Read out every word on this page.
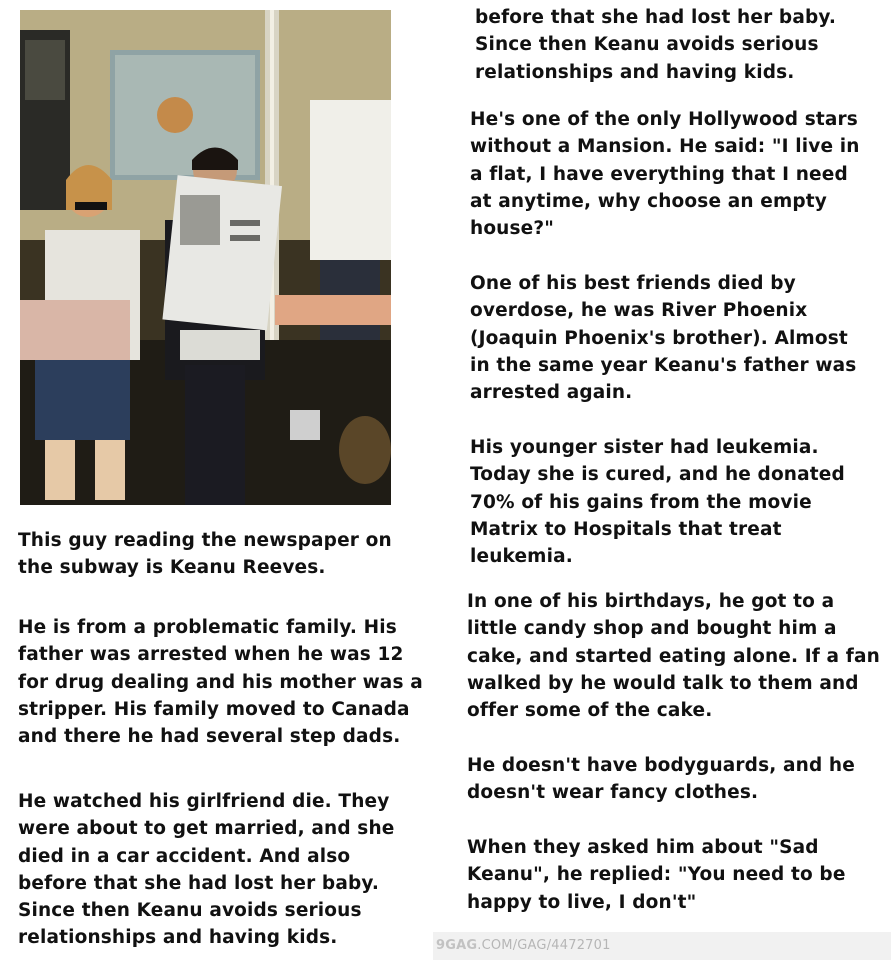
This guy reading the newspaper on
the subway is Keanu Reeves.
He is from a problematic family. His
father was arrested when he was 12
for drug dealing and his mother was a
stripper. His family moved to Canada
and there he had several step dads.
He watched his girlfriend die. They
were about to get married, and she
died in a car accident. And also
before that she had lost her baby.
Since then Keanu avoids serious
relationships and having kids.
before that she had lost her baby.
Since then Keanu avoids serious
relationships and having kids.
He's one of the only Hollywood stars
without a Mansion. He said: "I live in
a flat, I have everything that I need
at anytime, why choose an empty
house?"
One of his best friends died by
overdose, he was River Phoenix
(Joaquin Phoenix's brother). Almost
in the same year Keanu's father was
arrested again.
His younger sister had leukemia.
Today she is cured, and he donated
70% of his gains from the movie
Matrix to Hospitals that treat
leukemia.
In one of his birthdays, he got to a
little candy shop and bought him a
cake, and started eating alone. If a fan
walked by he would talk to them and
offer some of the cake.
He doesn't have bodyguards, and he
doesn't wear fancy clothes.
When they asked him about "Sad
Keanu", he replied: "You need to be
happy to live, I don't"
9GAG.COM/GAG/4472701
